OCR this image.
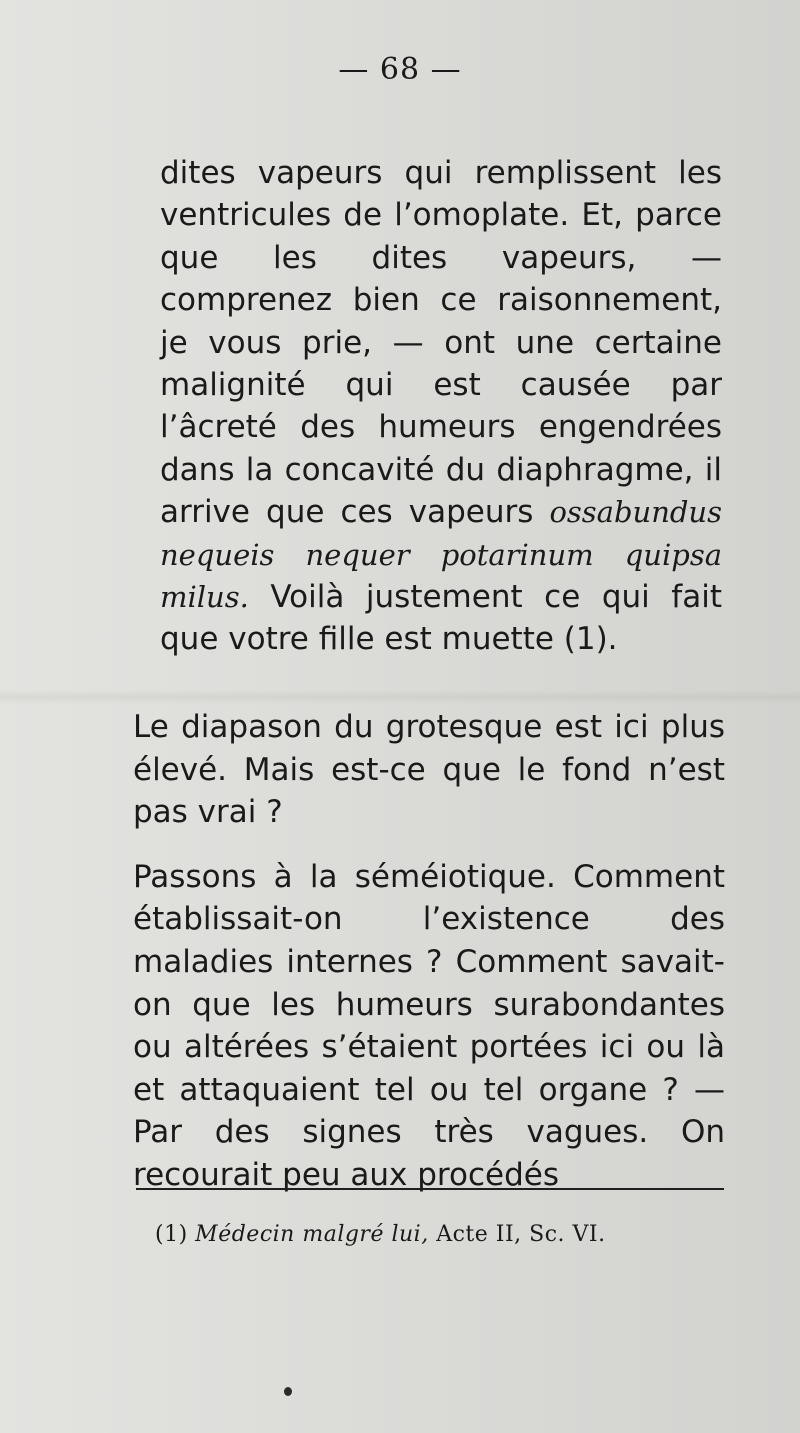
— 68 —

dites vapeurs qui remplissent les ventricules de l’omoplate. Et, parce que les dites vapeurs, — comprenez bien ce raisonnement, je vous prie, — ont une certaine malignité qui est causée par l’âcreté des humeurs engendrées dans la concavité du diaphragme, il arrive que ces vapeurs ossabundus nequeis nequer potarinum quipsa milus. Voilà justement ce qui fait que votre fille est muette (1).

Le diapason du grotesque est ici plus élevé. Mais est-ce que le fond n’est pas vrai ?

Passons à la séméiotique. Comment établissait-on l’existence des maladies internes ? Comment savait-on que les humeurs surabondantes ou altérées s’étaient portées ici ou là et attaquaient tel ou tel organe ? — Par des signes très vagues. On recourait peu aux procédés

(1) Médecin malgré lui, Acte II, Sc. VI.
